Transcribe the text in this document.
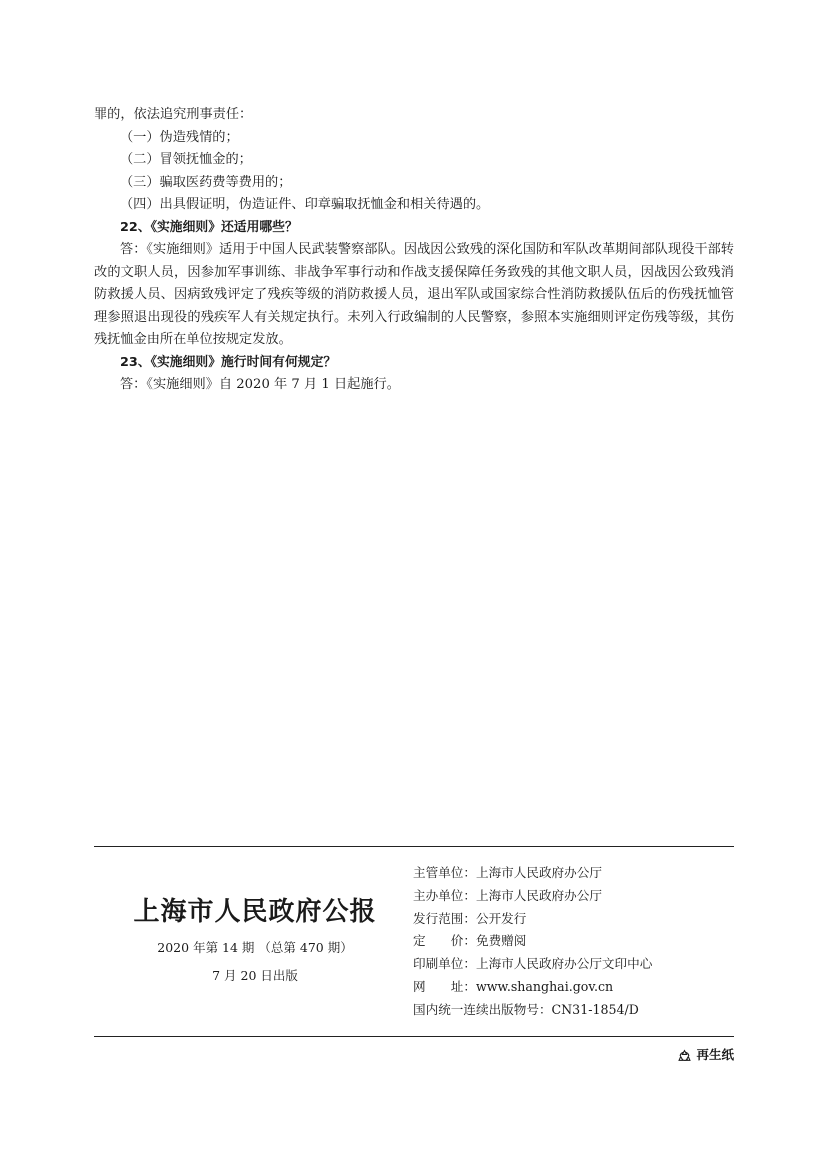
罪的，依法追究刑事责任：

（一）伪造残情的；

（二）冒领抚恤金的；

（三）骗取医药费等费用的；

（四）出具假证明，伪造证件、印章骗取抚恤金和相关待遇的。

22、《实施细则》还适用哪些？

答：《实施细则》适用于中国人民武装警察部队。因战因公致残的深化国防和军队改革期间部队现役干部转改的文职人员，因参加军事训练、非战争军事行动和作战支援保障任务致残的其他文职人员，因战因公致残消防救援人员、因病致残评定了残疾等级的消防救援人员，退出军队或国家综合性消防救援队伍后的伤残抚恤管理参照退出现役的残疾军人有关规定执行。未列入行政编制的人民警察，参照本实施细则评定伤残等级，其伤残抚恤金由所在单位按规定发放。

23、《实施细则》施行时间有何规定？

答：《实施细则》自 2020 年 7 月 1 日起施行。

上海市人民政府公报
2020 年第 14 期 （总第 470 期）
7 月 20 日出版
主管单位：上海市人民政府办公厅
主办单位：上海市人民政府办公厅
发行范围：公开发行
定　　价：免费赠阅
印刷单位：上海市人民政府办公厅文印中心
网　　址：www.shanghai.gov.cn
国内统一连续出版物号：CN31-1854/D
再生纸
